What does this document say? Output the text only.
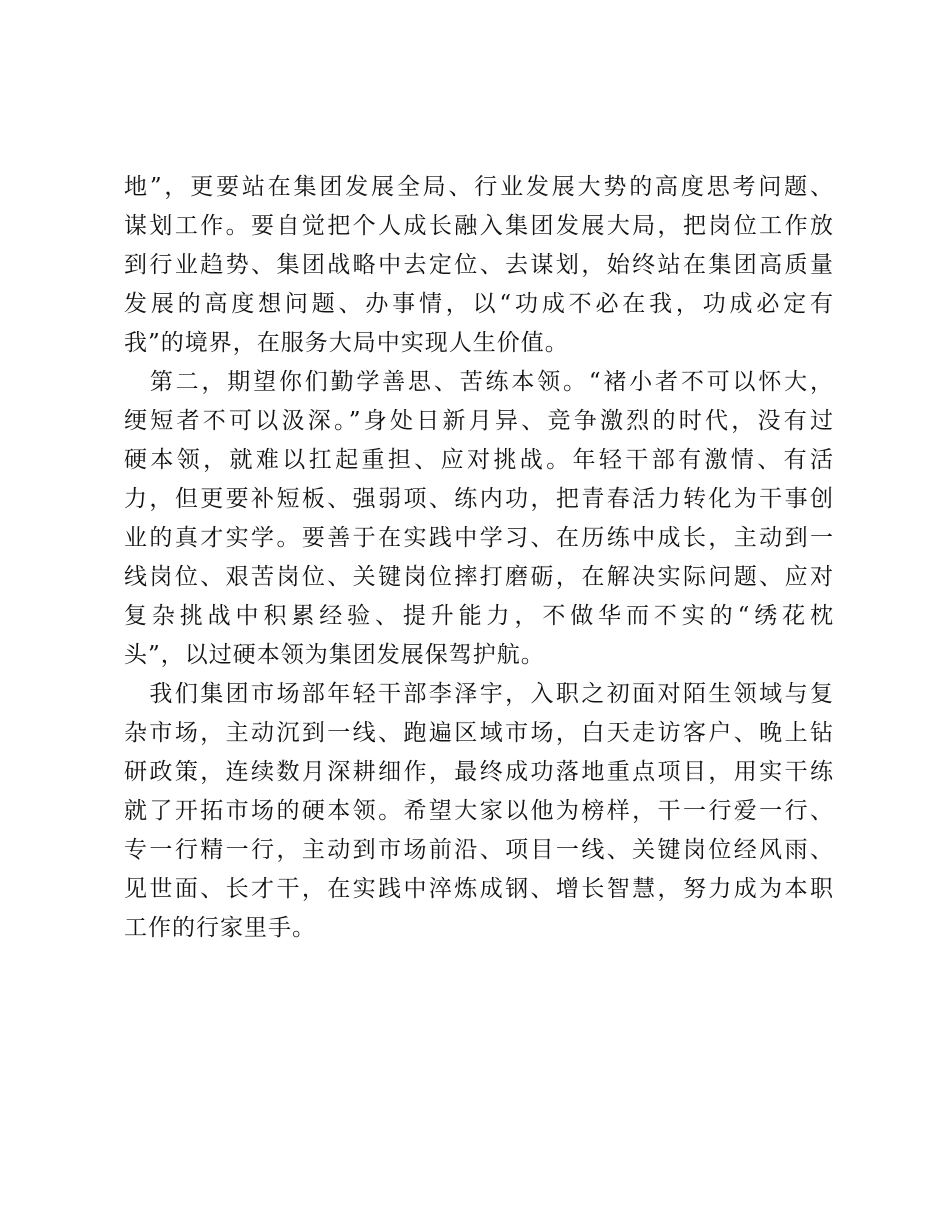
地”，更要站在集团发展全局、行业发展大势的高度思考问题、
谋划工作。要自觉把个人成长融入集团发展大局，把岗位工作放
到行业趋势、集团战略中去定位、去谋划，始终站在集团高质量
发展的高度想问题、办事情，以“功成不必在我，功成必定有
我”的境界，在服务大局中实现人生价值。
　第二，期望你们勤学善思、苦练本领。“褚小者不可以怀大，
绠短者不可以汲深。”身处日新月异、竞争激烈的时代，没有过
硬本领，就难以扛起重担、应对挑战。年轻干部有激情、有活
力，但更要补短板、强弱项、练内功，把青春活力转化为干事创
业的真才实学。要善于在实践中学习、在历练中成长，主动到一
线岗位、艰苦岗位、关键岗位摔打磨砺，在解决实际问题、应对
复杂挑战中积累经验、提升能力，不做华而不实的“绣花枕
头”，以过硬本领为集团发展保驾护航。
　我们集团市场部年轻干部李泽宇，入职之初面对陌生领域与复
杂市场，主动沉到一线、跑遍区域市场，白天走访客户、晚上钻
研政策，连续数月深耕细作，最终成功落地重点项目，用实干练
就了开拓市场的硬本领。希望大家以他为榜样，干一行爱一行、
专一行精一行，主动到市场前沿、项目一线、关键岗位经风雨、
见世面、长才干，在实践中淬炼成钢、增长智慧，努力成为本职
工作的行家里手。
